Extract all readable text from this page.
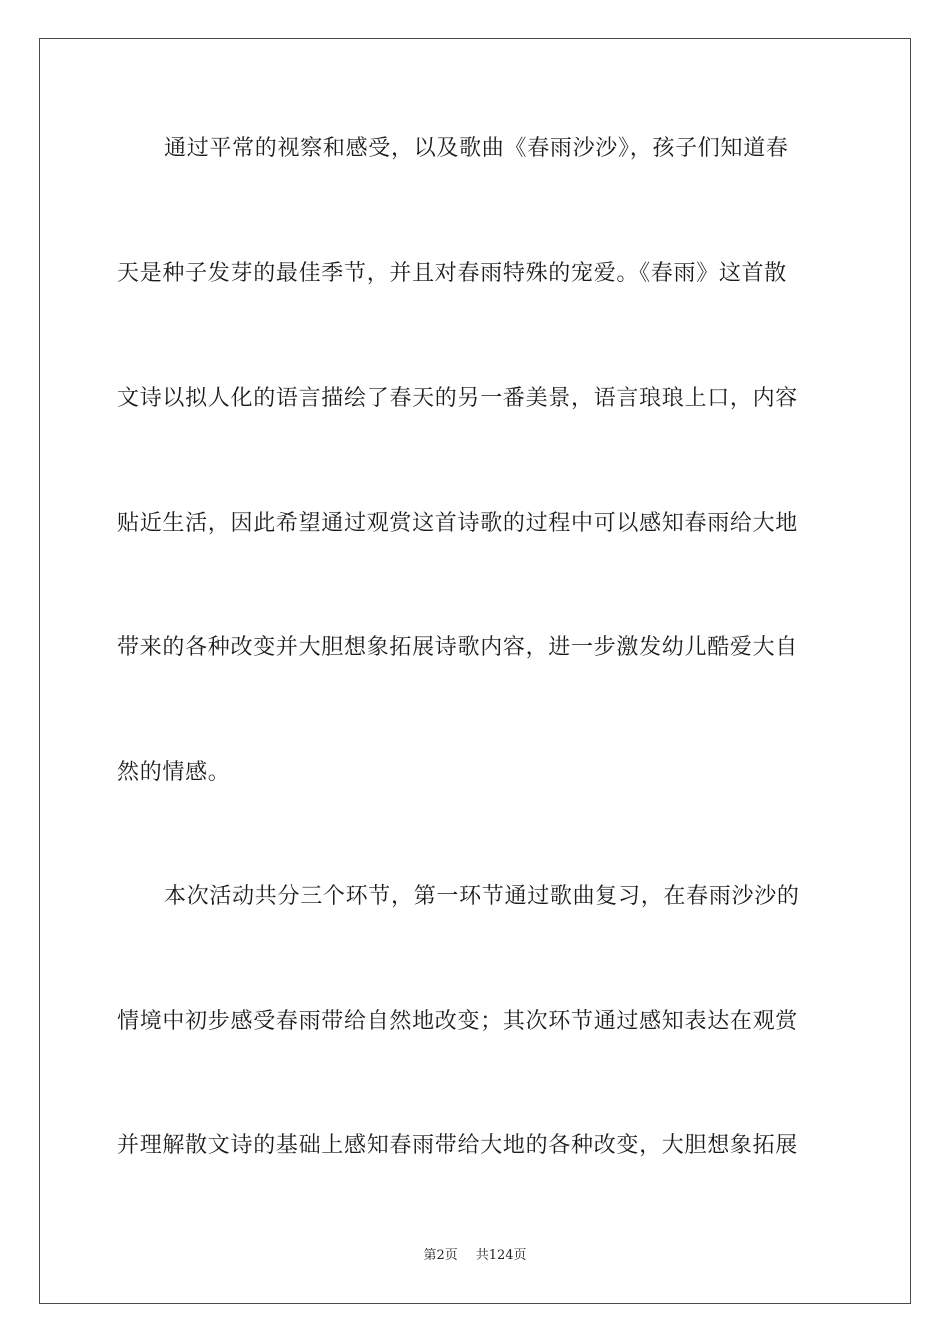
通过平常的视察和感受，以及歌曲《春雨沙沙》，孩子们知道春
天是种子发芽的最佳季节，并且对春雨特殊的宠爱。《春雨》这首散
文诗以拟人化的语言描绘了春天的另一番美景，语言琅琅上口，内容
贴近生活，因此希望通过观赏这首诗歌的过程中可以感知春雨给大地
带来的各种改变并大胆想象拓展诗歌内容，进一步激发幼儿酷爱大自
然的情感。
本次活动共分三个环节，第一环节通过歌曲复习，在春雨沙沙的
情境中初步感受春雨带给自然地改变；其次环节通过感知表达在观赏
并理解散文诗的基础上感知春雨带给大地的各种改变，大胆想象拓展
第2页 共124页
